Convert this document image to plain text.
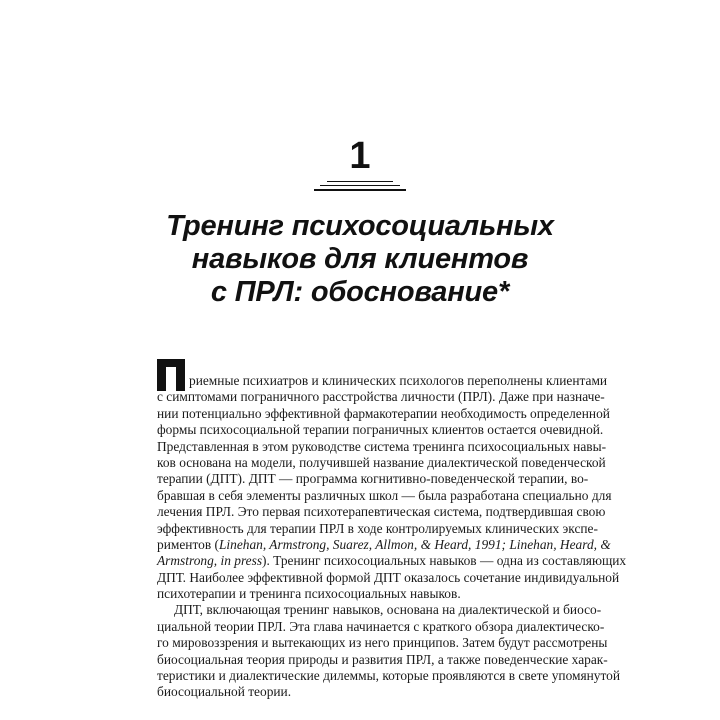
1
Тренинг психосоциальных
навыков для клиентов
с ПРЛ: обоснование*
риемные психиатров и клинических психологов переполнены клиентами
с симптомами пограничного расстройства личности (ПРЛ). Даже при назначе-
нии потенциально эффективной фармакотерапии необходимость определенной
формы психосоциальной терапии пограничных клиентов остается очевидной.
Представленная в этом руководстве система тренинга психосоциальных навы-
ков основана на модели, получившей название диалектической поведенческой
терапии (ДПТ). ДПТ — программа когнитивно-поведенческой терапии, во-
бравшая в себя элементы различных школ — была разработана специально для
лечения ПРЛ. Это первая психотерапевтическая система, подтвердившая свою
эффективность для терапии ПРЛ в ходе контролируемых клинических экспе-
риментов (Linehan, Armstrong, Suarez, Allmon, & Heard, 1991; Linehan, Heard, &
Armstrong, in press). Тренинг психосоциальных навыков — одна из составляющих
ДПТ. Наиболее эффективной формой ДПТ оказалось сочетание индивидуальной
психотерапии и тренинга психосоциальных навыков.
ДПТ, включающая тренинг навыков, основана на диалектической и биосо-
циальной теории ПРЛ. Эта глава начинается с краткого обзора диалектическо-
го мировоззрения и вытекающих из него принципов. Затем будут рассмотрены
биосоциальная теория природы и развития ПРЛ, а также поведенческие харак-
теристики и диалектические дилеммы, которые проявляются в свете упомянутой
биосоциальной теории.
